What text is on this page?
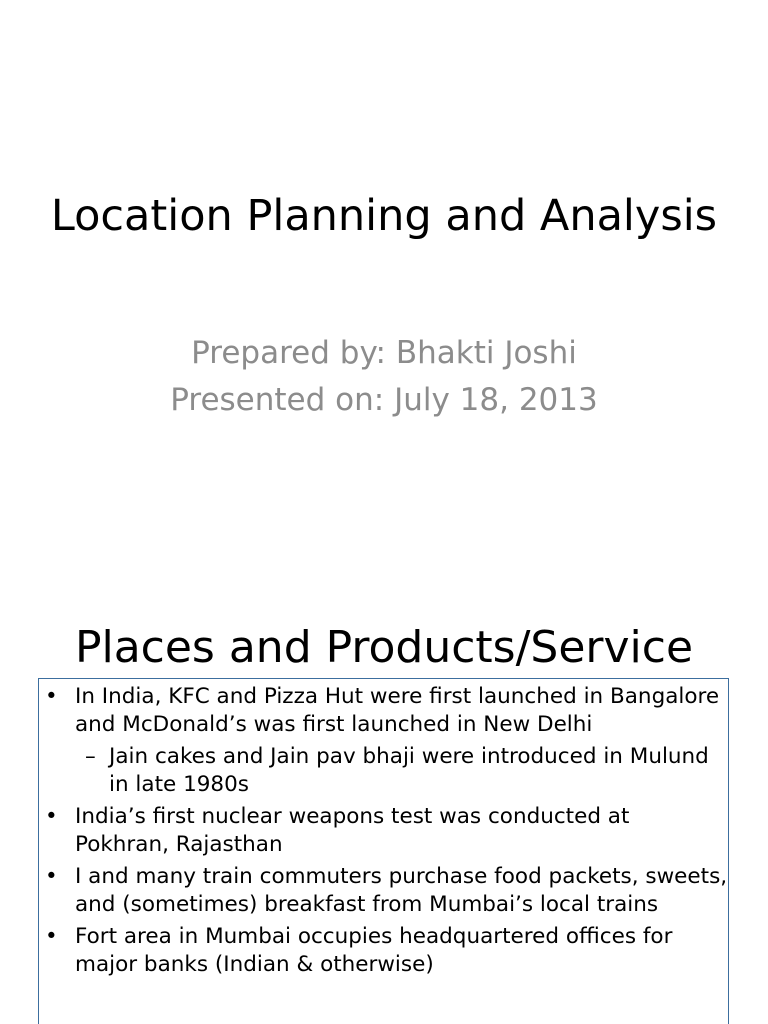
Location Planning and Analysis
Prepared by: Bhakti Joshi
Presented on: July 18, 2013
Places and Products/Service
• In India, KFC and Pizza Hut were first launched in Bangalore and McDonald’s was first launched in New Delhi
– Jain cakes and Jain pav bhaji were introduced in Mulund in late 1980s
• India’s first nuclear weapons test was conducted at Pokhran, Rajasthan
• I and many train commuters purchase food packets, sweets, and (sometimes) breakfast from Mumbai’s local trains
• Fort area in Mumbai occupies headquartered offices for major banks (Indian & otherwise)
